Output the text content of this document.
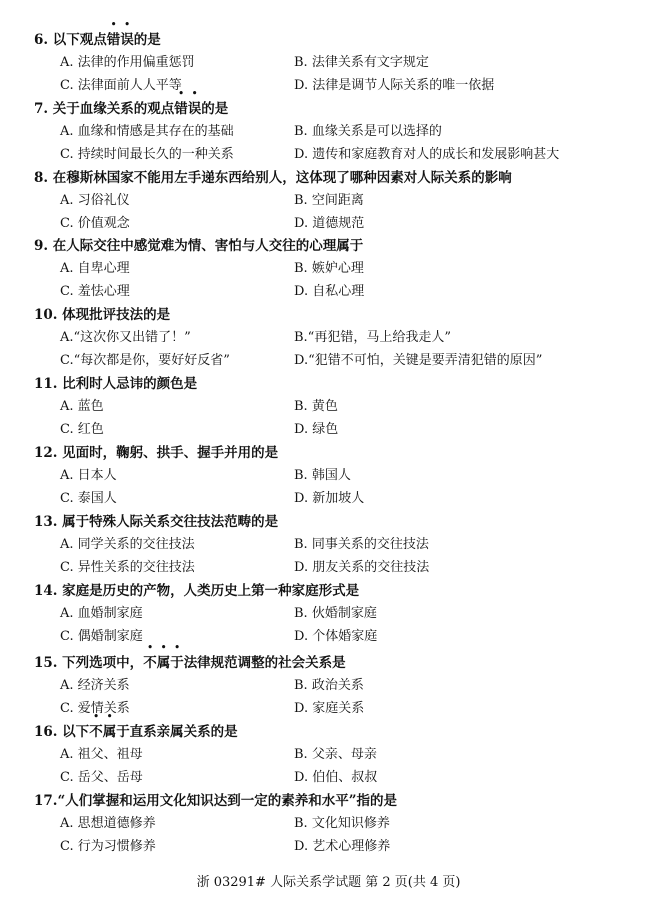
6. 以下观点错误的是
A. 法律的作用偏重惩罚	B. 法律关系有文字规定
C. 法律面前人人平等	D. 法律是调节人际关系的唯一依据
7. 关于血缘关系的观点错误的是
A. 血缘和情感是其存在的基础	B. 血缘关系是可以选择的
C. 持续时间最长久的一种关系	D. 遗传和家庭教育对人的成长和发展影响甚大
8. 在穆斯林国家不能用左手递东西给别人，这体现了哪种因素对人际关系的影响
A. 习俗礼仪	B. 空间距离
C. 价值观念	D. 道德规范
9. 在人际交往中感觉难为情、害怕与人交往的心理属于
A. 自卑心理	B. 嫉妒心理
C. 羞怯心理	D. 自私心理
10. 体现批评技法的是
A.“这次你又出错了！”	B.“再犯错，马上给我走人”
C.“每次都是你，要好好反省”	D.“犯错不可怕，关键是要弄清犯错的原因”
11. 比利时人忌讳的颜色是
A. 蓝色	B. 黄色
C. 红色	D. 绿色
12. 见面时，鞠躬、拱手、握手并用的是
A. 日本人	B. 韩国人
C. 泰国人	D. 新加坡人
13. 属于特殊人际关系交往技法范畴的是
A. 同学关系的交往技法	B. 同事关系的交往技法
C. 异性关系的交往技法	D. 朋友关系的交往技法
14. 家庭是历史的产物，人类历史上第一种家庭形式是
A. 血婚制家庭	B. 伙婚制家庭
C. 偶婚制家庭	D. 个体婚家庭
15. 下列选项中，不属于法律规范调整的社会关系是
A. 经济关系	B. 政治关系
C. 爱情关系	D. 家庭关系
16. 以下不属于直系亲属关系的是
A. 祖父、祖母	B. 父亲、母亲
C. 岳父、岳母	D. 伯伯、叔叔
17.“人们掌握和运用文化知识达到一定的素养和水平”指的是
A. 思想道德修养	B. 文化知识修养
C. 行为习惯修养	D. 艺术心理修养
浙 03291# 人际关系学试题 第 2 页(共 4 页)
